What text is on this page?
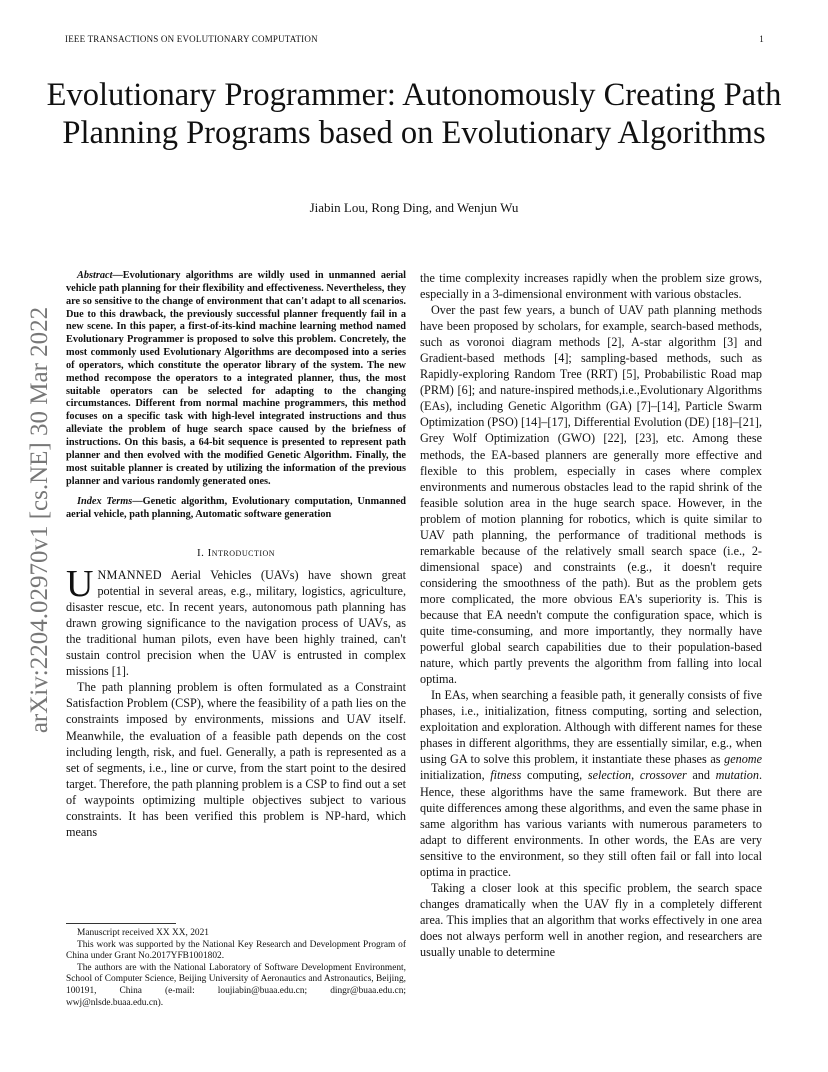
IEEE TRANSACTIONS ON EVOLUTIONARY COMPUTATION	1
arXiv:2204.02970v1 [cs.NE] 30 Mar 2022
Evolutionary Programmer: Autonomously Creating Path Planning Programs based on Evolutionary Algorithms
Jiabin Lou, Rong Ding, and Wenjun Wu

Abstract—Evolutionary algorithms are wildly used in unmanned aerial vehicle path planning for their flexibility and effectiveness. Nevertheless, they are so sensitive to the change of environment that can't adapt to all scenarios. Due to this drawback, the previously successful planner frequently fail in a new scene. In this paper, a first-of-its-kind machine learning method named Evolutionary Programmer is proposed to solve this problem. Concretely, the most commonly used Evolutionary Algorithms are decomposed into a series of operators, which constitute the operator library of the system. The new method recompose the operators to a integrated planner, thus, the most suitable operators can be selected for adapting to the changing circumstances. Different from normal machine programmers, this method focuses on a specific task with high-level integrated instructions and thus alleviate the problem of huge search space caused by the briefness of instructions. On this basis, a 64-bit sequence is presented to represent path planner and then evolved with the modified Genetic Algorithm. Finally, the most suitable planner is created by utilizing the information of the previous planner and various randomly generated ones.

Index Terms—Genetic algorithm, Evolutionary computation, Unmanned aerial vehicle, path planning, Automatic software generation

I. Introduction

UNMANNED Aerial Vehicles (UAVs) have shown great potential in several areas, e.g., military, logistics, agriculture, disaster rescue, etc. In recent years, autonomous path planning has drawn growing significance to the navigation process of UAVs, as the traditional human pilots, even have been highly trained, can't sustain control precision when the UAV is entrusted in complex missions [1].

The path planning problem is often formulated as a Constraint Satisfaction Problem (CSP), where the feasibility of a path lies on the constraints imposed by environments, missions and UAV itself. Meanwhile, the evaluation of a feasible path depends on the cost including length, risk, and fuel. Generally, a path is represented as a set of segments, i.e., line or curve, from the start point to the desired target. Therefore, the path planning problem is a CSP to find out a set of waypoints optimizing multiple objectives subject to various constraints. It has been verified this problem is NP-hard, which means

Manuscript received XX XX, 2021

This work was supported by the National Key Research and Development Program of China under Grant No.2017YFB1001802.

The authors are with the National Laboratory of Software Development Environment, School of Computer Science, Beijing University of Aeronautics and Astronautics, Beijing, 100191, China (e-mail: loujiabin@buaa.edu.cn; dingr@buaa.edu.cn; wwj@nlsde.buaa.edu.cn).

the time complexity increases rapidly when the problem size grows, especially in a 3-dimensional environment with various obstacles.

Over the past few years, a bunch of UAV path planning methods have been proposed by scholars, for example, search-based methods, such as voronoi diagram methods [2], A-star algorithm [3] and Gradient-based methods [4]; sampling-based methods, such as Rapidly-exploring Random Tree (RRT) [5], Probabilistic Road map (PRM) [6]; and nature-inspired methods,i.e.,Evolutionary Algorithms (EAs), including Genetic Algorithm (GA) [7]–[14], Particle Swarm Optimization (PSO) [14]–[17], Differential Evolution (DE) [18]–[21], Grey Wolf Optimization (GWO) [22], [23], etc. Among these methods, the EA-based planners are generally more effective and flexible to this problem, especially in cases where complex environments and numerous obstacles lead to the rapid shrink of the feasible solution area in the huge search space. However, in the problem of motion planning for robotics, which is quite similar to UAV path planning, the performance of traditional methods is remarkable because of the relatively small search space (i.e., 2-dimensional space) and constraints (e.g., it doesn't require considering the smoothness of the path). But as the problem gets more complicated, the more obvious EA's superiority is. This is because that EA needn't compute the configuration space, which is quite time-consuming, and more importantly, they normally have powerful global search capabilities due to their population-based nature, which partly prevents the algorithm from falling into local optima.

In EAs, when searching a feasible path, it generally consists of five phases, i.e., initialization, fitness computing, sorting and selection, exploitation and exploration. Although with different names for these phases in different algorithms, they are essentially similar, e.g., when using GA to solve this problem, it instantiate these phases as genome initialization, fitness computing, selection, crossover and mutation. Hence, these algorithms have the same framework. But there are quite differences among these algorithms, and even the same phase in same algorithm has various variants with numerous parameters to adapt to different environments. In other words, the EAs are very sensitive to the environment, so they still often fail or fall into local optima in practice.

Taking a closer look at this specific problem, the search space changes dramatically when the UAV fly in a completely different area. This implies that an algorithm that works effectively in one area does not always perform well in another region, and researchers are usually unable to determine
